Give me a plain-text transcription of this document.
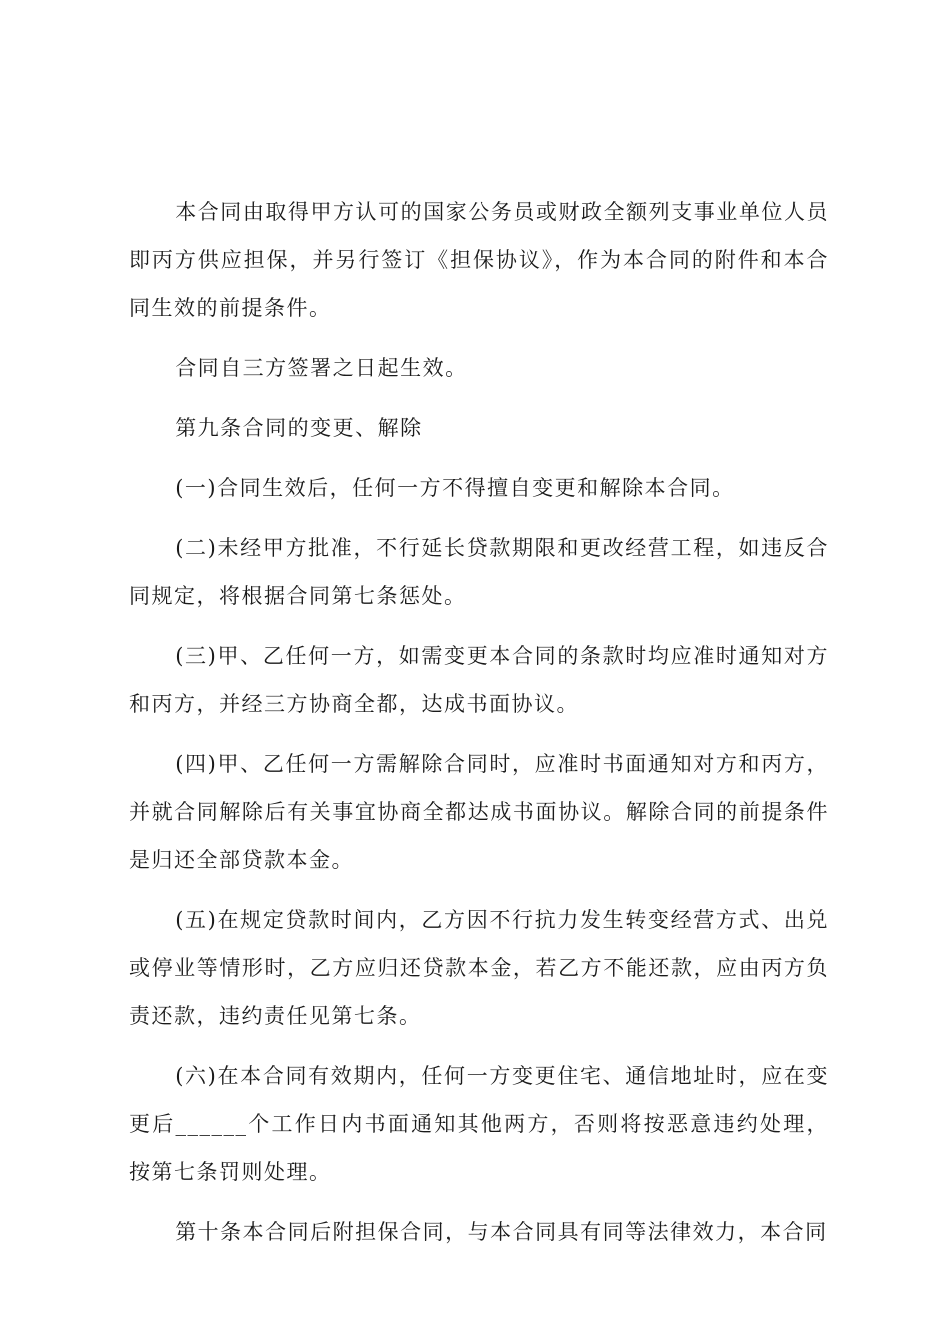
本合同由取得甲方认可的国家公务员或财政全额列支事业单位人员即丙方供应担保，并另行签订《担保协议》，作为本合同的附件和本合同生效的前提条件。

合同自三方签署之日起生效。

第九条合同的变更、解除

(一)合同生效后，任何一方不得擅自变更和解除本合同。

(二)未经甲方批准，不行延长贷款期限和更改经营工程，如违反合同规定，将根据合同第七条惩处。

(三)甲、乙任何一方，如需变更本合同的条款时均应准时通知对方和丙方，并经三方协商全都，达成书面协议。

(四)甲、乙任何一方需解除合同时，应准时书面通知对方和丙方，并就合同解除后有关事宜协商全都达成书面协议。解除合同的前提条件是归还全部贷款本金。

(五)在规定贷款时间内，乙方因不行抗力发生转变经营方式、出兑或停业等情形时，乙方应归还贷款本金，若乙方不能还款，应由丙方负责还款，违约责任见第七条。

(六)在本合同有效期内，任何一方变更住宅、通信地址时，应在变更后______个工作日内书面通知其他两方，否则将按恶意违约处理，按第七条罚则处理。

第十条本合同后附担保合同，与本合同具有同等法律效力，本合同
